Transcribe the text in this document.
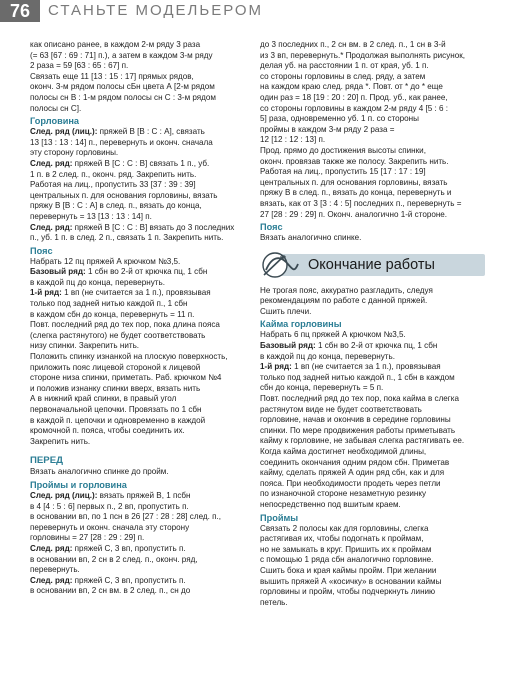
76	СТАНЬТЕ МОДЕЛЬЕРОМ

как описано ранее, в каждом 2-м ряду 3 раза

(= 63 [67 : 69 : 71] п.), а затем в каждом 3-м ряду

2 раза = 59 [63 : 65 : 67] п.

Связать еще 11 [13 : 15 : 17] прямых рядов,

оконч. 3-м рядом полосы сБн цвета А [2-м рядом

полосы сн В : 1-м рядом полосы сн С : 3-м рядом

полосы сн С].

Горловина

След. ряд (лиц.): пряжей В [В : С : А], связать

13 [13 : 13 : 14] п., перевернуть и оконч. сначала

эту сторону горловины.

След. ряд: пряжей В [С : С : В] связать 1 п., уб.

1 п. в 2 след. п., оконч. ряд. Закрепить нить.

Работая на лиц., пропустить 33 [37 : 39 : 39]

центральных п. для основания горловины, вязать

пряжу В [В : С : А] в след. п., вязать до конца,

перевернуть = 13 [13 : 13 : 14] п.

След. ряд: пряжей В [С : С : В] вязать до 3 последних

п., уб. 1 п. в след. 2 п., связать 1 п. Закрепить нить.

Пояс

Набрать 12 пц пряжей А крючком №3,5.

Базовый ряд: 1 сбн во 2-й от крючка пц, 1 сбн

в каждой пц до конца, перевернуть.

1-й ряд: 1 вп (не считается за 1 п.), провязывая

только под задней нитью каждой п., 1 сбн

в каждом сбн до конца, перевернуть = 11 п.

Повт. последний ряд до тех пор, пока длина пояса

(слегка растянутого) не будет соответствовать

низу спинки. Закрепить нить.

Положить спинку изнанкой на плоскую поверхность,

приложить пояс лицевой стороной к лицевой

стороне низа спинки, приметать. Раб. крючком №4

и положив изнанку спинки вверх, вязать нить

А в нижний край спинки, в правый угол

первоначальной цепочки. Провязать по 1 сбн

в каждой п. цепочки и одновременно в каждой

кромочной п. пояса, чтобы соединить их.

Закрепить нить.

ПЕРЕД

Вязать аналогично спинке до пройм.

Проймы и горловина

След. ряд (лиц.): вязать пряжей В, 1 псбн

в 4 [4 : 5 : 6] первых п., 2 вп, пропустить п.

в основании вп, по 1 псн в 26 [27 : 28 : 28] след. п.,

перевернуть и оконч. сначала эту сторону

горловины = 27 [28 : 29 : 29] п.

След. ряд: пряжей С, 3 вп, пропустить п.

в основании вп, 2 сн в 2 след. п., оконч. ряд,

перевернуть.

След. ряд: пряжей С, 3 вп, пропустить п.

в основании вп, 2 сн вм. в 2 след. п., сн до

до 3 последних п., 2 сн вм. в 2 след. п., 1 сн в 3-й

из 3 вп, перевернуть.* Продолжая выполнять рисунок,

делая уб. на расстоянии 1 п. от края, уб. 1 п.

со стороны горловины в след. ряду, а затем

на каждом краю след. ряда *. Повт. от * до * еще

один раз = 18 [19 : 20 : 20] п. Прод. уб., как ранее,

со стороны горловины в каждом 2-м ряду 4 [5 : 6 :

5] раза, одновременно уб. 1 п. со стороны

проймы в каждом 3-м ряду 2 раза =

12 [12 : 12 : 13] п.

Прод. прямо до достижения высоты спинки,

оконч. провязав также же полосу. Закрепить нить.

Работая на лиц., пропустить 15 [17 : 17 : 19]

центральных п. для основания горловины, вязать

пряжу В в след. п., вязать до конца, перевернуть и

вязать, как от 3 [3 : 4 : 5] последних п., перевернуть =

27 [28 : 29 : 29] п. Оконч. аналогично 1-й стороне.

Пояс

Вязать аналогично спинке.

Окончание работы

Не трогая пояс, аккуратно разгладить, следуя

рекомендациям по работе с данной пряжей.

Сшить плечи.

Кайма горловины

Набрать 6 пц пряжей А крючком №3,5.

Базовый ряд: 1 сбн во 2-й от крючка пц, 1 сбн

в каждой пц до конца, перевернуть.

1-й ряд: 1 вп (не считается за 1 п.), провязывая

только под задней нитью каждой п., 1 сбн в каждом

сбн до конца, перевернуть = 5 п.

Повт. последний ряд до тех пор, пока кайма в слегка

растянутом виде не будет соответствовать

горловине, начав и окончив в середине горловины

спинки. По мере продвижения работы приметывать

кайму к горловине, не забывая слегка растягивать ее.

Когда кайма достигнет необходимой длины,

соединить окончания одним рядом сбн. Приметав

кайму, сделать пряжей А один ряд сбн, как и для

пояса. При необходимости продеть через петли

по изнаночной стороне незаметную резинку

непосредственно под вшитым краем.

Проймы

Связать 2 полосы как для горловины, слегка

растягивая их, чтобы подогнать к проймам,

но не замыкать в круг. Пришить их к проймам

с помощью 1 ряда сбн аналогично горловине.

Сшить бока и края каймы пройм. При желании

вышить пряжей А «косичку» в основании каймы

горловины и пройм, чтобы подчеркнуть линию

петель.
